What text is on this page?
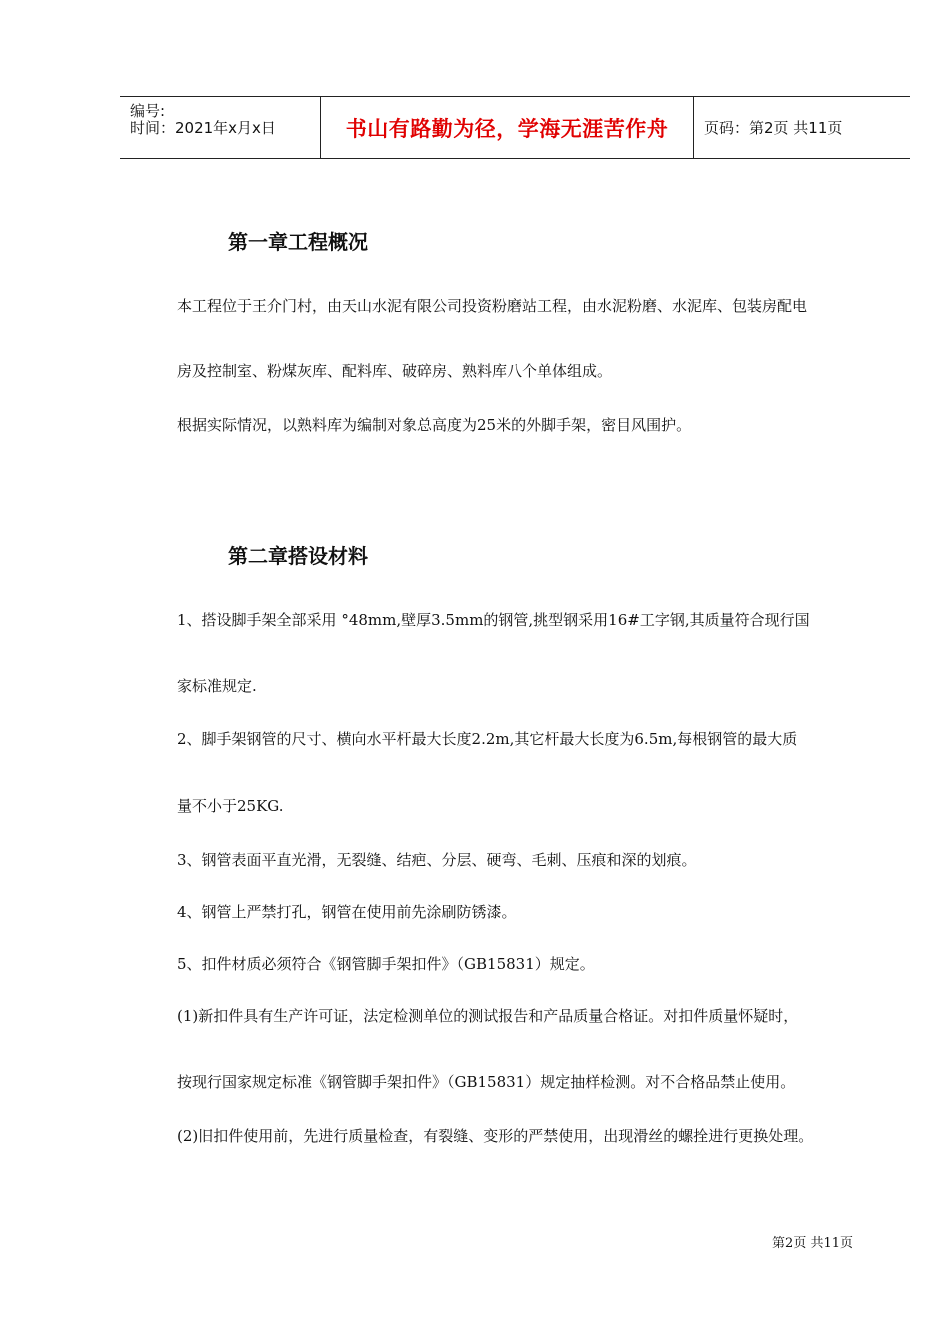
编号:
时间：2021年x月x日	书山有路勤为径，学海无涯苦作舟 页码：第2页 共11页
第一章工程概况

本工程位于王介门村，由天山水泥有限公司投资粉磨站工程，由水泥粉磨、水泥库、包装房配电

房及控制室、粉煤灰库、配料库、破碎房、熟料库八个单体组成。

根据实际情况，以熟料库为编制对象总高度为25米的外脚手架，密目风围护。

第二章搭设材料

1、搭设脚手架全部采用 °48mm,壁厚3.5mm的钢管,挑型钢采用16#工字钢,其质量符合现行国

家标准规定.

2、脚手架钢管的尺寸、横向水平杆最大长度2.2m,其它杆最大长度为6.5m,每根钢管的最大质

量不小于25KG.

3、钢管表面平直光滑，无裂缝、结疤、分层、硬弯、毛刺、压痕和深的划痕。

4、钢管上严禁打孔，钢管在使用前先涂刷防锈漆。

5、扣件材质必须符合《钢管脚手架扣件》（GB15831）规定。

(1)新扣件具有生产许可证，法定检测单位的测试报告和产品质量合格证。对扣件质量怀疑时，

按现行国家规定标准《钢管脚手架扣件》（GB15831）规定抽样检测。对不合格品禁止使用。

(2)旧扣件使用前，先进行质量检查，有裂缝、变形的严禁使用，出现滑丝的螺拴进行更换处理。

第2页 共11页
